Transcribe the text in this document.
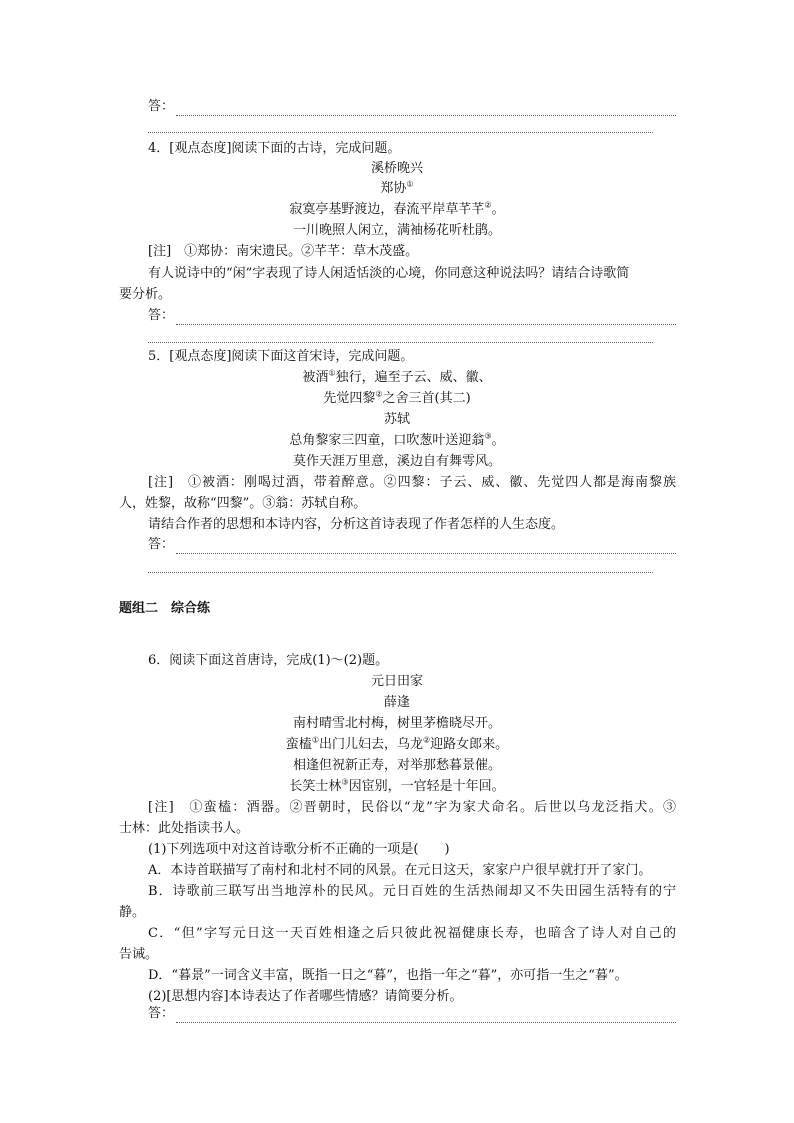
答：
4．[观点态度]阅读下面的古诗，完成问题。
溪桥晚兴
郑协①
寂寞亭基野渡边，春流平岸草芊芊②。
一川晚照人闲立，满袖杨花听杜鹃。
[注]　①郑协：南宋遗民。②芊芊：草木茂盛。
有人说诗中的“闲”字表现了诗人闲适恬淡的心境，你同意这种说法吗？请结合诗歌简
要分析。
答：
5．[观点态度]阅读下面这首宋诗，完成问题。
被酒①独行，遍至子云、威、徽、
先觉四黎②之舍三首(其二)
苏轼
总角黎家三四童，口吹葱叶送迎翁③。
莫作天涯万里意，溪边自有舞雩风。
[注]　①被酒：刚喝过酒，带着醉意。②四黎：子云、威、徽、先觉四人都是海南黎族
人，姓黎，故称“四黎”。③翁：苏轼自称。
请结合作者的思想和本诗内容，分析这首诗表现了作者怎样的人生态度。
答：
题组二　综合练
6．阅读下面这首唐诗，完成(1)～(2)题。
元日田家
薛逢
南村晴雪北村梅，树里茅檐晓尽开。
蛮榼①出门儿妇去，乌龙②迎路女郎来。
相逢但祝新正寿，对举那愁暮景催。
长笑士林③因宦别，一官轻是十年回。
[注]　①蛮榼：酒器。②晋朝时，民俗以“龙”字为家犬命名。后世以乌龙泛指犬。③
士林：此处指读书人。
(1)下列选项中对这首诗歌分析不正确的一项是(　　)
A．本诗首联描写了南村和北村不同的风景。在元日这天，家家户户很早就打开了家门。
B．诗歌前三联写出当地淳朴的民风。元日百姓的生活热闹却又不失田园生活特有的宁
静。
C．“但”字写元日这一天百姓相逢之后只彼此祝福健康长寿，也暗含了诗人对自己的
告诫。
D．“暮景”一词含义丰富，既指一日之“暮”，也指一年之“暮”，亦可指一生之“暮”。
(2)[思想内容]本诗表达了作者哪些情感？请简要分析。
答：
